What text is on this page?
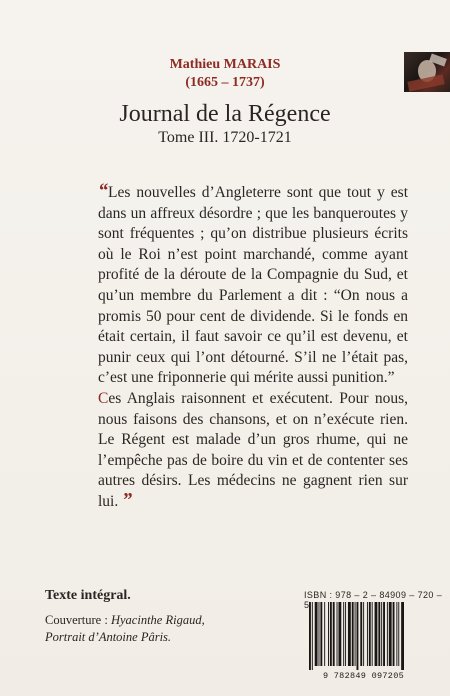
Mathieu MARAIS
(1665 – 1737)
Journal de la Régence
Tome III. 1720-1721

“Les nouvelles d’Angleterre sont que tout y est dans un affreux désordre ; que les banqueroutes y sont fréquentes ; qu’on distribue plusieurs écrits où le Roi n’est point marchandé, comme ayant profité de la déroute de la Compagnie du Sud, et qu’un membre du Parlement a dit : “On nous a promis 50 pour cent de dividende. Si le fonds en était certain, il faut savoir ce qu’il est devenu, et punir ceux qui l’ont détourné. S’il ne l’était pas, c’est une friponnerie qui mérite aussi punition.”

Ces Anglais raisonnent et exécutent. Pour nous, nous faisons des chansons, et on n’exécute rien. Le Régent est malade d’un gros rhume, qui ne l’empêche pas de boire du vin et de contenter ses autres désirs. Les médecins ne gagnent rien sur lui. ”

Texte intégral.
Couverture : Hyacinthe Rigaud, Portrait d’Antoine Pâris.
ISBN : 978 – 2 – 84909 – 720 – 5
9 782849 097205
